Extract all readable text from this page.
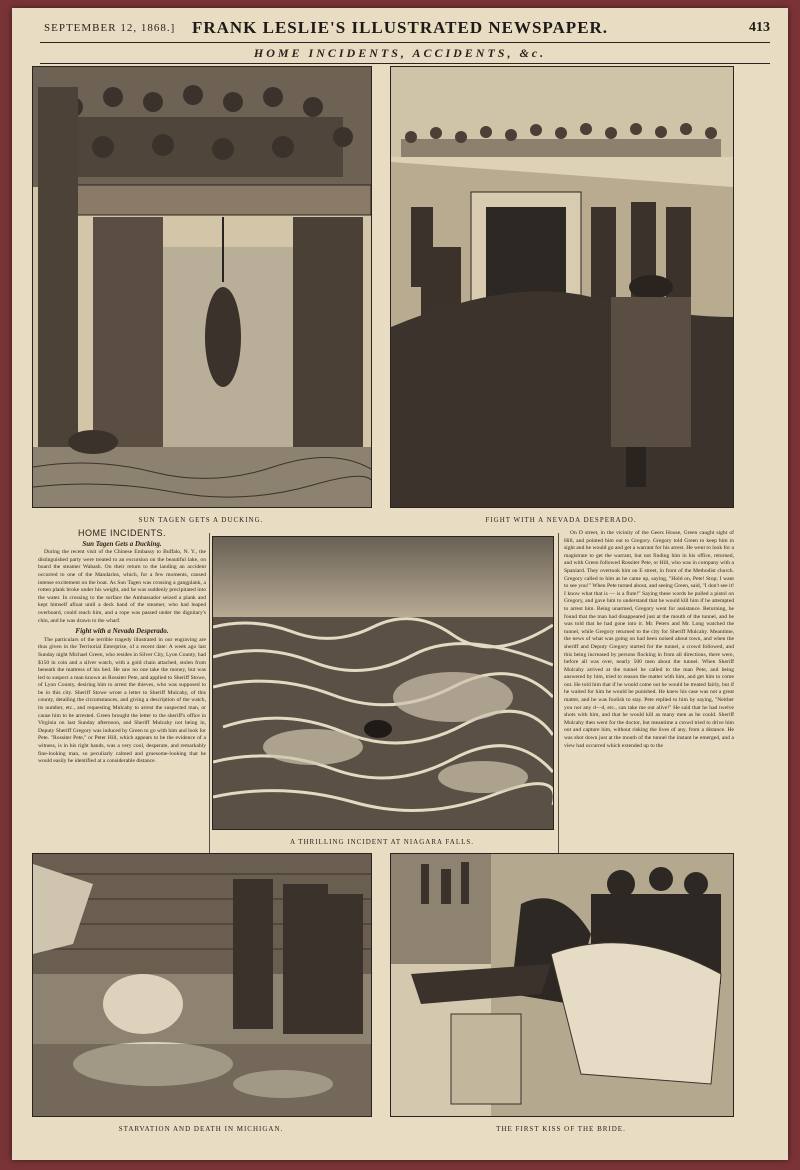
SEPTEMBER 12, 1868.] FRANK LESLIE'S ILLUSTRATED NEWSPAPER.	413
HOME INCIDENTS, ACCIDENTS, &c.
SUN TAGEN GETS A DUCKING.	FIGHT WITH A NEVADA DESPERADO.
HOME INCIDENTS.
Sun Tagen Gets a Ducking.

During the recent visit of the Chinese Embassy to Buffalo, N. Y., the distinguished party were treated to an excursion on the beautiful lake, on board the steamer Wabash. On their return to the landing an accident occurred to one of the Mandarins, which, for a few moments, caused intense excitement on the boat. As Sun Tagen was crossing a gangplank, a rotten plank broke under his weight, and he was suddenly precipitated into the water. In crossing to the surface the Ambassador seized a plank and kept himself afloat until a deck hand of the steamer, who had leaped overboard, could reach him, and a rope was passed under the dignitary's chin, and he was drawn to the wharf.

Fight with a Nevada Desperado.

The particulars of the terrible tragedy illustrated in our engraving are thus given in the Territorial Enterprise, of a recent date: A week ago last Sunday night Michael Green, who resides in Silver City, Lyon County, had $150 in coin and a silver watch, with a gold chain attached, stolen from beneath the mattress of his bed. He saw no one take the money, but was led to suspect a man known as Rossiter Pete, and applied to Sheriff Stowe, of Lyon County, desiring him to arrest the thieves, who was supposed to be in this city. Sheriff Stowe wrote a letter to Sheriff Mulcahy, of this county, detailing the circumstances, and giving a description of the watch, its number, etc., and requesting Mulcahy to arrest the suspected man, or cause him to be arrested. Green brought the letter to the sheriff's office in Virginia on last Sunday afternoon, and Sheriff Mulcahy not being in, Deputy Sheriff Gregory was induced by Green to go with him and look for Pete. "Rossiter Pete," or Peter Hill, which appears to be the evidence of a witness, is in his right hands, was a very cool, desperate, and remarkably fine-looking man, so peculiarly calmed and gruesome-looking that he would easily be identified at a considerable distance.

A THRILLING INCIDENT AT NIAGARA FALLS.

On D street, in the vicinity of the Geers House, Green caught sight of Hill, and pointed him out to Gregory. Gregory told Green to keep him in sight and he would go and get a warrant for his arrest. He went to look for a magistrate to get the warrant, but not finding him in his office, returned, and with Green followed Rossiter Pete, or Hill, who was in company with a Spaniard. They overtook him on E street, in front of the Methodist church. Gregory called to him as he came up, saying, "Hold on, Pete! Stop; I want to see you!" When Pete turned about, and seeing Green, said, "I don't see it! I know what that is — is a flute!" Saying these words he pulled a pistol on Gregory, and gave him to understand that he would kill him if he attempted to arrest him. Being unarmed, Gregory went for assistance. Returning, he found that the man had disappeared just at the mouth of the tunnel, and he was told that he had gone into it. Mr. Peters and Mr. Long watched the tunnel, while Gregory returned to the city for Sheriff Mulcahy. Meantime, the news of what was going on had been noised about town, and when the sheriff and Deputy Gregory started for the tunnel, a crowd followed, and this being increased by persons flocking in from all directions, there were, before all was over, nearly 500 men about the tunnel. When Sheriff Mulcahy arrived at the tunnel he called to the man Pete, and being answered by him, tried to reason the matter with him, and get him to come out. He told him that if he would come out he would be treated fairly, but if he waited for him he would be punished. He knew his case was not a great matter, and he was foolish to stay. Pete replied to him by saying, "Neither you nor any d—d, etc., can take me out alive!" He said that he had twelve shots with him, and that he would kill as many men as he could. Sheriff Mulcahy then went for the doctor, but meantime a crowd tried to drive him out and capture him, without risking the lives of any, from a distance. He was shot down just at the mouth of the tunnel the instant he emerged, and a view had occurred which extended up to the

STARVATION AND DEATH IN MICHIGAN.	THE FIRST KISS OF THE BRIDE.
